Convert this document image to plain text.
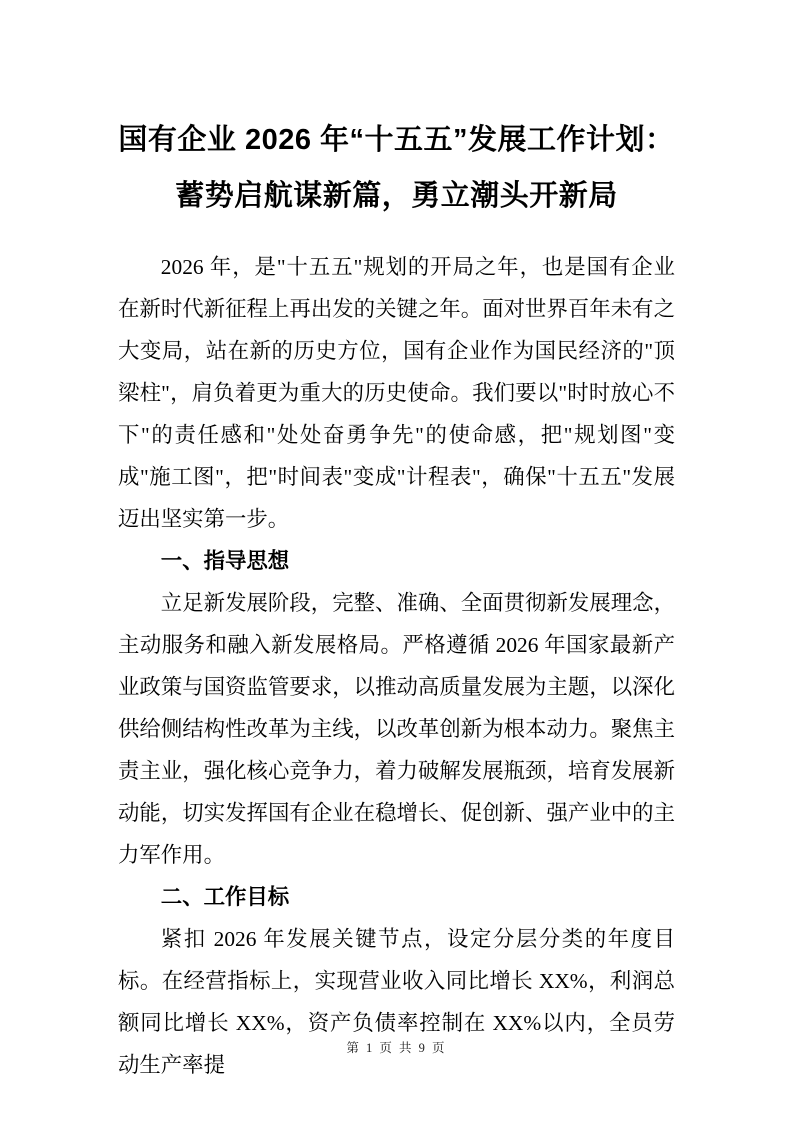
国有企业 2026 年“十五五”发展工作计划：
蓄势启航谋新篇，勇立潮头开新局

2026 年，是"十五五"规划的开局之年，也是国有企业在新时代新征程上再出发的关键之年。面对世界百年未有之大变局，站在新的历史方位，国有企业作为国民经济的"顶梁柱"，肩负着更为重大的历史使命。我们要以"时时放心不下"的责任感和"处处奋勇争先"的使命感，把"规划图"变成"施工图"，把"时间表"变成"计程表"，确保"十五五"发展迈出坚实第一步。

一、指导思想

立足新发展阶段，完整、准确、全面贯彻新发展理念，主动服务和融入新发展格局。严格遵循 2026 年国家最新产业政策与国资监管要求，以推动高质量发展为主题，以深化供给侧结构性改革为主线，以改革创新为根本动力。聚焦主责主业，强化核心竞争力，着力破解发展瓶颈，培育发展新动能，切实发挥国有企业在稳增长、促创新、强产业中的主力军作用。

二、工作目标

紧扣 2026 年发展关键节点，设定分层分类的年度目标。在经营指标上，实现营业收入同比增长 XX%，利润总额同比增长 XX%，资产负债率控制在 XX%以内，全员劳动生产率提

第 1 页 共 9 页
